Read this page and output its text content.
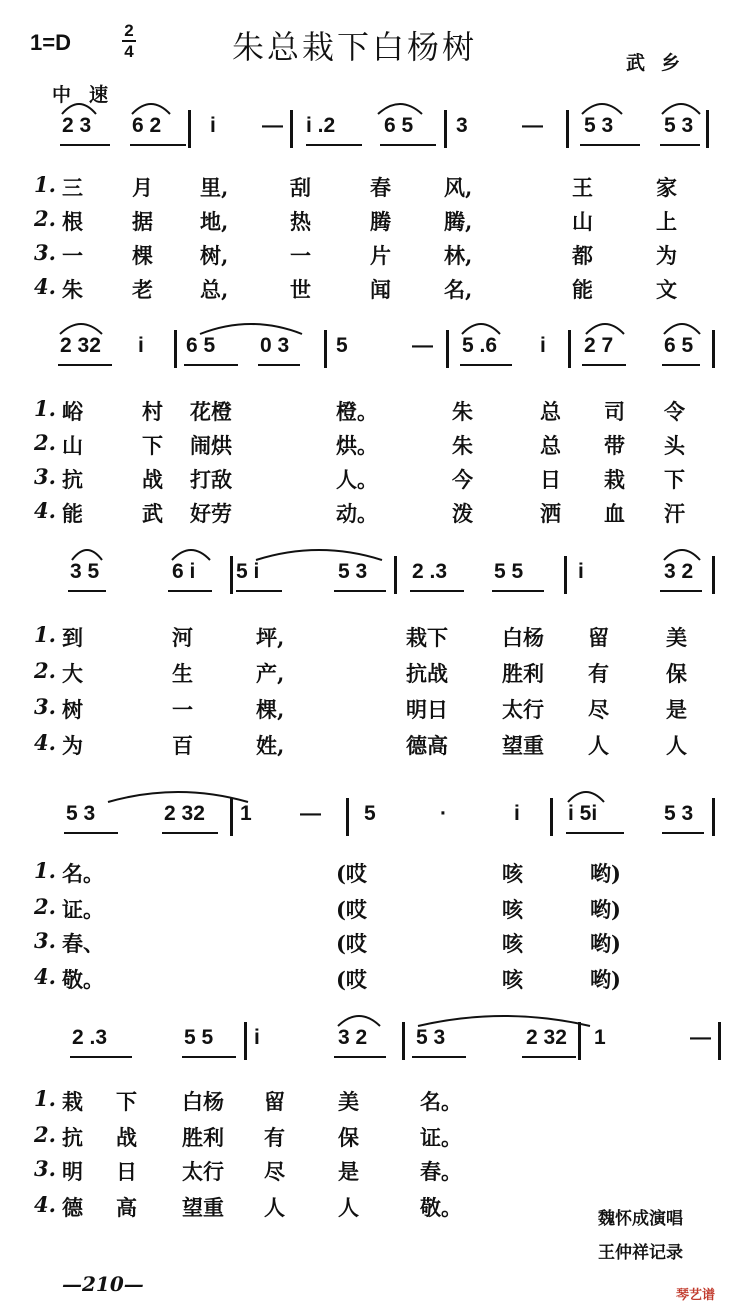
1=D	2
4	朱总栽下白杨树	武乡
中速
2 3 6 2 i — i .2 6 5 3	— 5 3 5 3
1. 三 月 里,	刮	春	风,	王	家
2. 根 据 地,	热	腾	腾,	山	上
3. 一 棵 树,	一	片	林,	都	为
4. 朱 老 总,	世	闻	名,	能	文
2 32 i 6 5 0 3 5	— 5 .6 i 2 7 6 5
1. 峪	村 花橙	橙。	朱	总 司 令
2. 山	下 闹烘	烘。	朱	总 带 头
3. 抗	战 打敌	人。	今	日 栽 下
4. 能	武 好劳	动。	泼	洒 血 汗
3 5	6 i 5 i	5 3 2 .3 5 5	i	3 2
1. 到	河	坪,	栽下	白杨 留	美
2. 大	生	产,	抗战	胜利 有	保
3. 树	一	棵,	明日	太行 尽	是
4. 为	百	姓,	德高	望重 人	人
5 3	2 32 1 — 5	·	i i 5i	5 3
1. 名。	(哎	咳	哟)
2. 证。	(哎	咳	哟)
3. 春、	(哎	咳	哟)
4. 敬。	(哎	咳	哟)
2 .3	5 5 i	3 2 5 3	2 32 1	—
1. 栽 下 白杨 留	美	名。
2. 抗 战 胜利 有	保	证。
3. 明 日 太行 尽	是	春。
4. 德 高 望重 人	人	敬。	魏怀成演唱
王仲祥记录
—210—	琴艺谱
